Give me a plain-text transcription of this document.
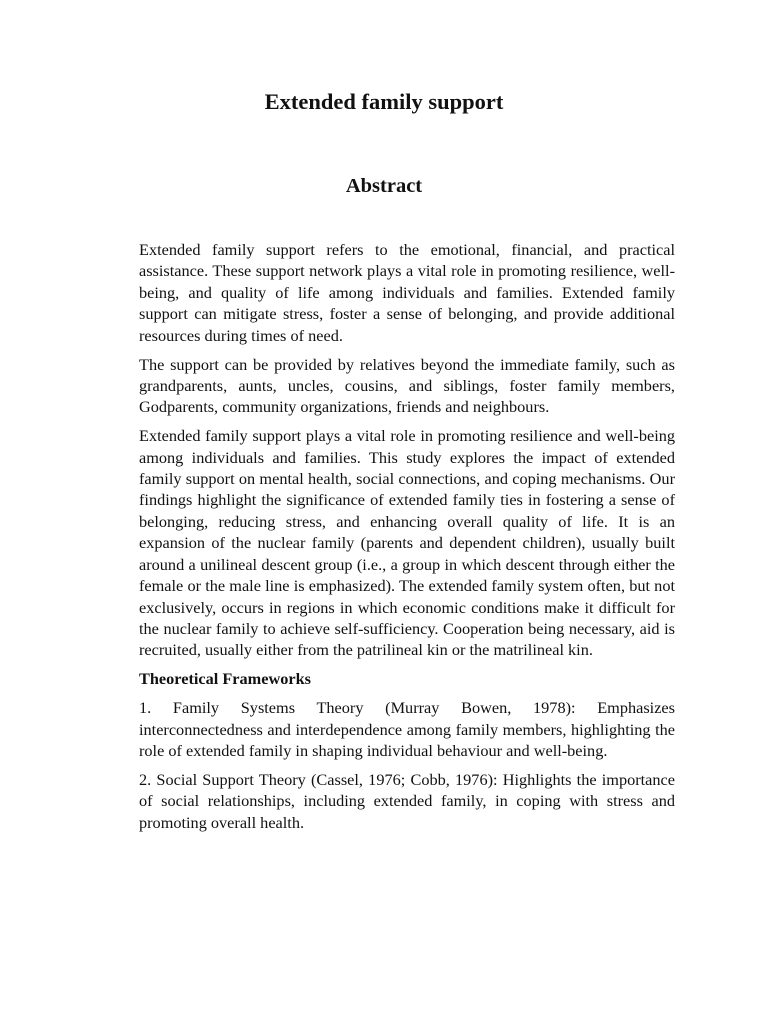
Extended family support
Abstract

Extended family support refers to the emotional, financial, and practical assistance. These support network plays a vital role in promoting resilience, well-being, and quality of life among individuals and families. Extended family support can mitigate stress, foster a sense of belonging, and provide additional resources during times of need.

The support can be provided by relatives beyond the immediate family, such as grandparents, aunts, uncles, cousins, and siblings, foster family members, Godparents, community organizations, friends and neighbours.

Extended family support plays a vital role in promoting resilience and well-being among individuals and families. This study explores the impact of extended family support on mental health, social connections, and coping mechanisms. Our findings highlight the significance of extended family ties in fostering a sense of belonging, reducing stress, and enhancing overall quality of life. It is an expansion of the nuclear family (parents and dependent children), usually built around a unilineal descent group (i.e., a group in which descent through either the female or the male line is emphasized). The extended family system often, but not exclusively, occurs in regions in which economic conditions make it difficult for the nuclear family to achieve self-sufficiency. Cooperation being necessary, aid is recruited, usually either from the patrilineal kin or the matrilineal kin.

Theoretical Frameworks

1. Family Systems Theory (Murray Bowen, 1978): Emphasizes interconnectedness and interdependence among family members, highlighting the role of extended family in shaping individual behaviour and well-being.

2. Social Support Theory (Cassel, 1976; Cobb, 1976): Highlights the importance of social relationships, including extended family, in coping with stress and promoting overall health.
